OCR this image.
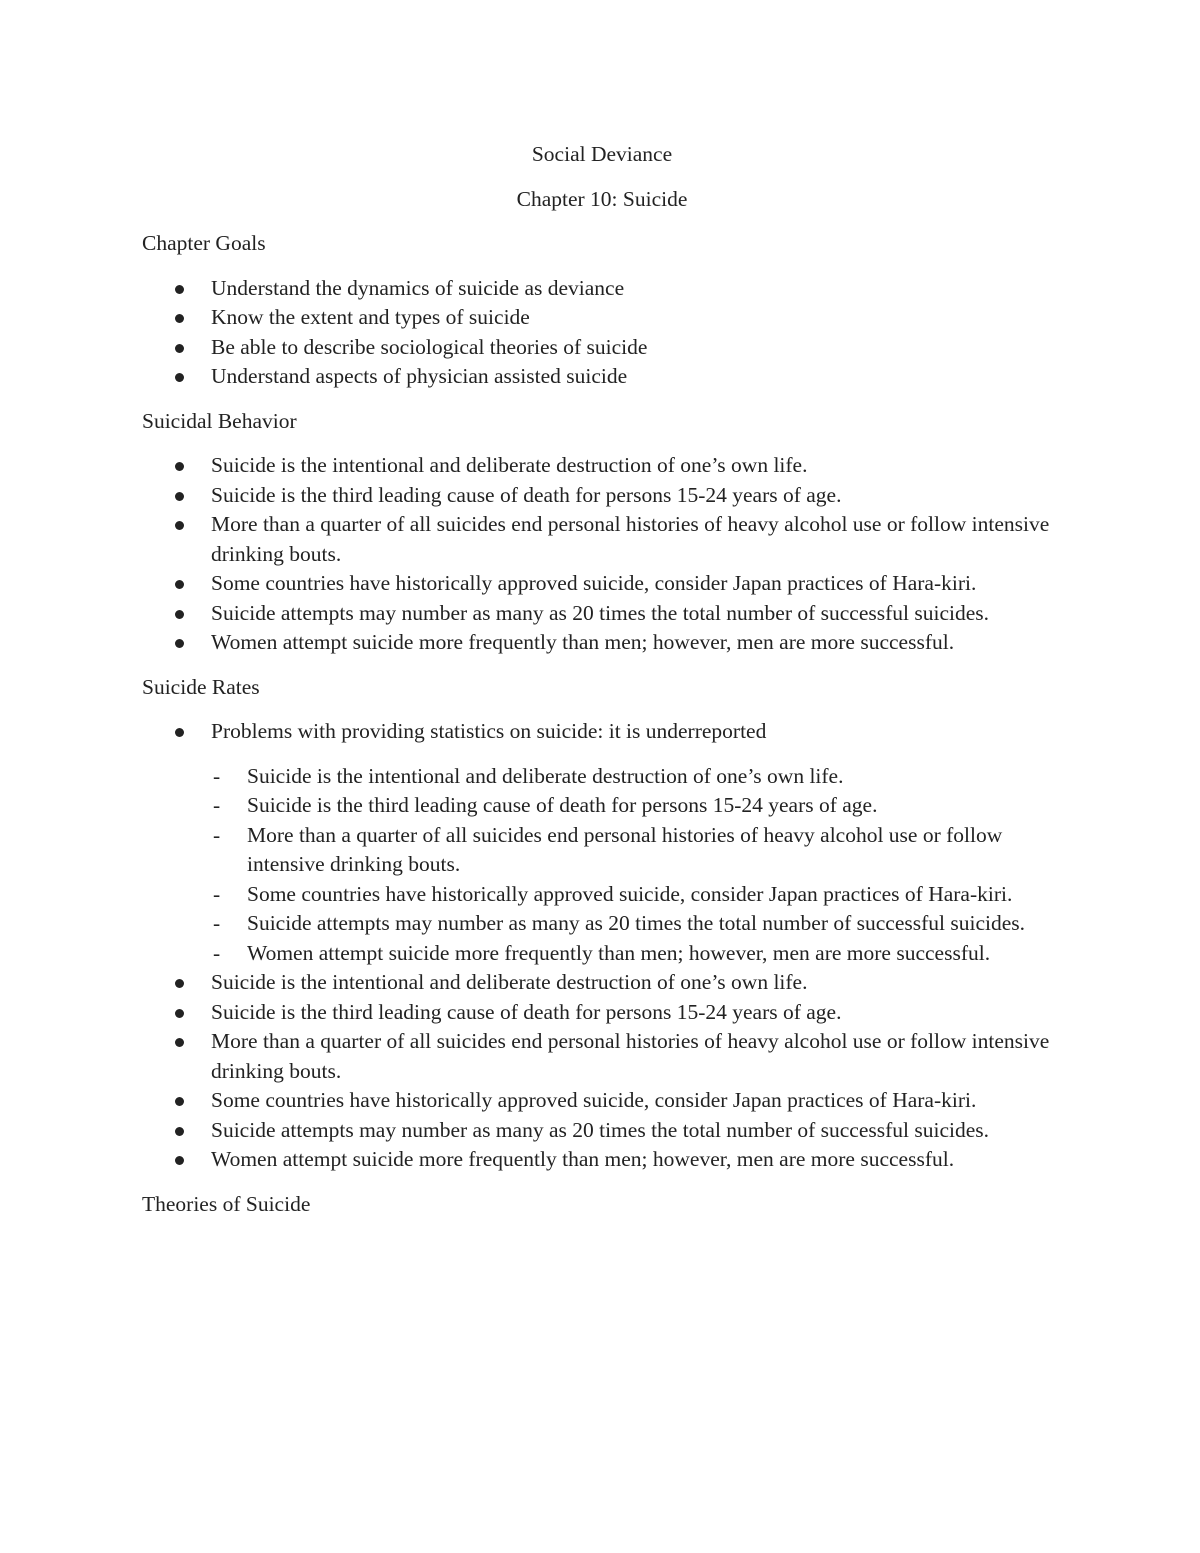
Social Deviance

Chapter 10: Suicide

Chapter Goals

Understand the dynamics of suicide as deviance
Know the extent and types of suicide
Be able to describe sociological theories of suicide
Understand aspects of physician assisted suicide

Suicidal Behavior

Suicide is the intentional and deliberate destruction of one’s own life.
Suicide is the third leading cause of death for persons 15-24 years of age.
More than a quarter of all suicides end personal histories of heavy alcohol use or follow intensive drinking bouts.
Some countries have historically approved suicide, consider Japan practices of Hara-kiri.
Suicide attempts may number as many as 20 times the total number of successful suicides.
Women attempt suicide more frequently than men; however, men are more successful.

Suicide Rates

Problems with providing statistics on suicide: it is underreported
- Suicide is the intentional and deliberate destruction of one’s own life.
- Suicide is the third leading cause of death for persons 15-24 years of age.
- More than a quarter of all suicides end personal histories of heavy alcohol use or follow intensive drinking bouts.
- Some countries have historically approved suicide, consider Japan practices of Hara-kiri.
- Suicide attempts may number as many as 20 times the total number of successful suicides.
- Women attempt suicide more frequently than men; however, men are more successful.
Suicide is the intentional and deliberate destruction of one’s own life.
Suicide is the third leading cause of death for persons 15-24 years of age.
More than a quarter of all suicides end personal histories of heavy alcohol use or follow intensive drinking bouts.
Some countries have historically approved suicide, consider Japan practices of Hara-kiri.
Suicide attempts may number as many as 20 times the total number of successful suicides.
Women attempt suicide more frequently than men; however, men are more successful.

Theories of Suicide
